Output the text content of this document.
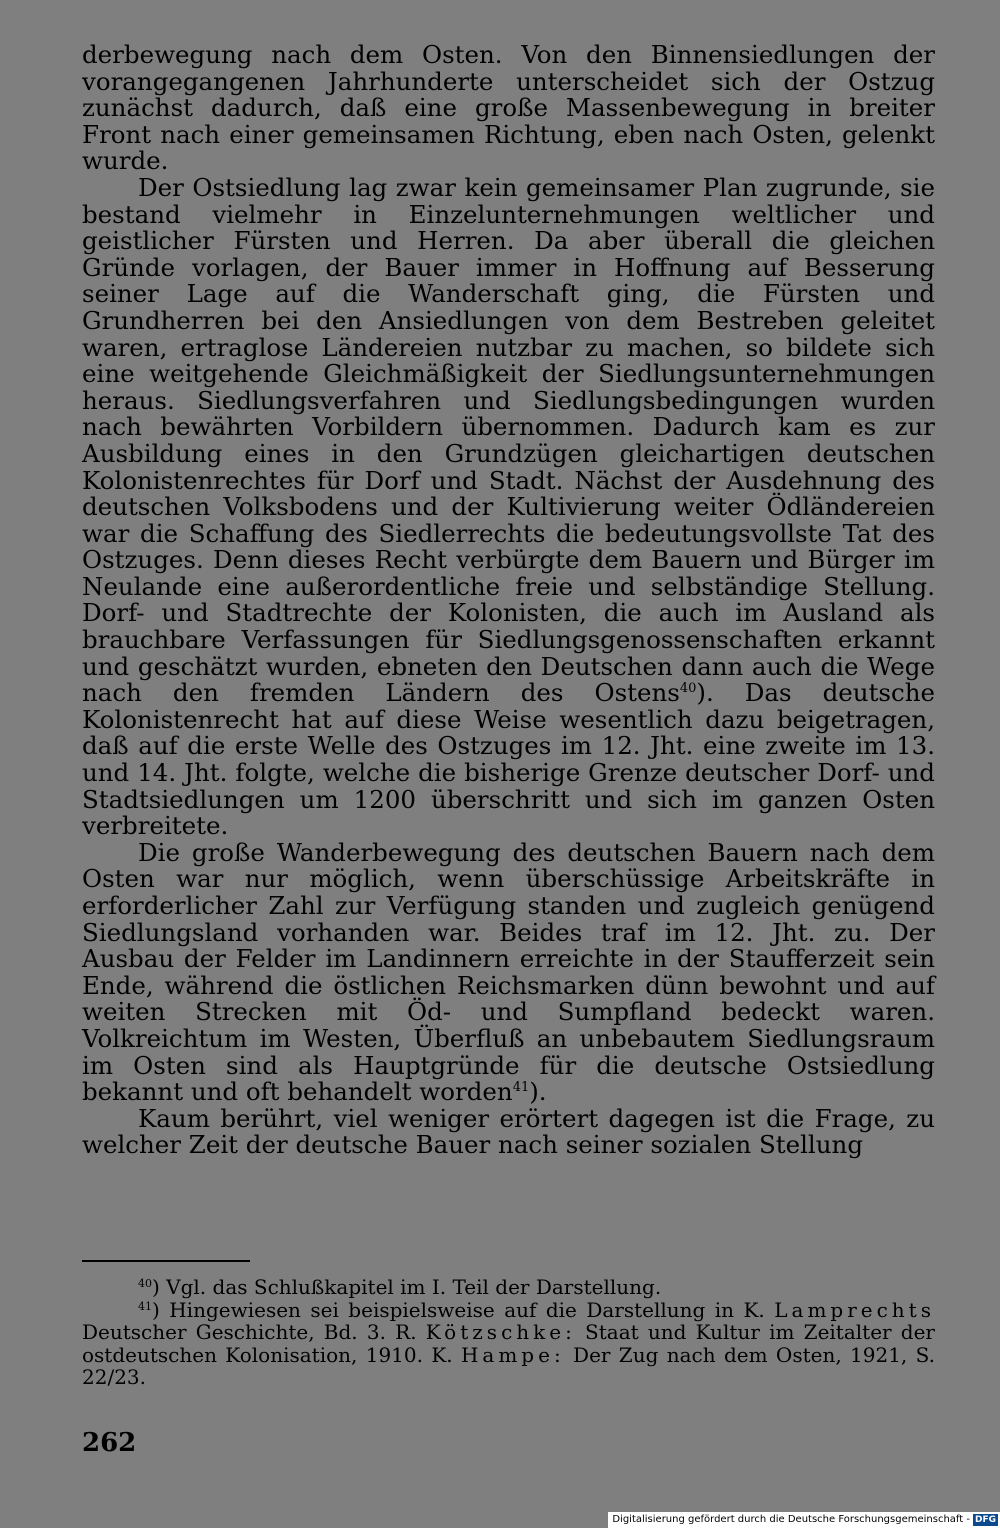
derbewegung nach dem Osten. Von den Binnensiedlungen der vorangegangenen Jahrhunderte unterscheidet sich der Ostzug zunächst dadurch, daß eine große Massenbewegung in breiter Front nach einer gemeinsamen Richtung, eben nach Osten, gelenkt wurde.

Der Ostsiedlung lag zwar kein gemeinsamer Plan zugrunde, sie bestand vielmehr in Einzelunternehmungen weltlicher und geistlicher Fürsten und Herren. Da aber überall die gleichen Gründe vorlagen, der Bauer immer in Hoffnung auf Besserung seiner Lage auf die Wanderschaft ging, die Fürsten und Grundherren bei den Ansiedlungen von dem Bestreben geleitet waren, ertraglose Ländereien nutzbar zu machen, so bildete sich eine weitgehende Gleichmäßigkeit der Siedlungsunternehmungen heraus. Siedlungsverfahren und Siedlungsbedingungen wurden nach bewährten Vorbildern übernommen. Dadurch kam es zur Ausbildung eines in den Grundzügen gleichartigen deutschen Kolonistenrechtes für Dorf und Stadt. Nächst der Ausdehnung des deutschen Volksbodens und der Kultivierung weiter Ödländereien war die Schaffung des Siedlerrechts die bedeutungsvollste Tat des Ostzuges. Denn dieses Recht verbürgte dem Bauern und Bürger im Neulande eine außerordentliche freie und selbständige Stellung. Dorf- und Stadtrechte der Kolonisten, die auch im Ausland als brauchbare Verfassungen für Siedlungsgenossenschaften erkannt und geschätzt wurden, ebneten den Deutschen dann auch die Wege nach den fremden Ländern des Ostens$^{40}$). Das deutsche Kolonistenrecht hat auf diese Weise wesentlich dazu beigetragen, daß auf die erste Welle des Ostzuges im 12. Jht. eine zweite im 13. und 14. Jht. folgte, welche die bisherige Grenze deutscher Dorf- und Stadtsiedlungen um 1200 überschritt und sich im ganzen Osten verbreitete.

Die große Wanderbewegung des deutschen Bauern nach dem Osten war nur möglich, wenn überschüssige Arbeitskräfte in erforderlicher Zahl zur Verfügung standen und zugleich genügend Siedlungsland vorhanden war. Beides traf im 12. Jht. zu. Der Ausbau der Felder im Landinnern erreichte in der Staufferzeit sein Ende, während die östlichen Reichsmarken dünn bewohnt und auf weiten Strecken mit Öd- und Sumpfland bedeckt waren. Volkreichtum im Westen, Überfluß an unbebautem Siedlungsraum im Osten sind als Hauptgründe für die deutsche Ostsiedlung bekannt und oft behandelt worden$^{41}$).

Kaum berührt, viel weniger erörtert dagegen ist die Frage, zu welcher Zeit der deutsche Bauer nach seiner sozialen Stellung

$^{40}$) Vgl. das Schlußkapitel im I. Teil der Darstellung.

$^{41}$) Hingewiesen sei beispielsweise auf die Darstellung in K. Lamprechts Deutscher Geschichte, Bd. 3. R. Kötzschke: Staat und Kultur im Zeitalter der ostdeutschen Kolonisation, 1910. K. Hampe: Der Zug nach dem Osten, 1921, S. 22/23.

262
Digitalisierung gefördert durch die Deutsche Forschungsgemeinschaft - DFG
